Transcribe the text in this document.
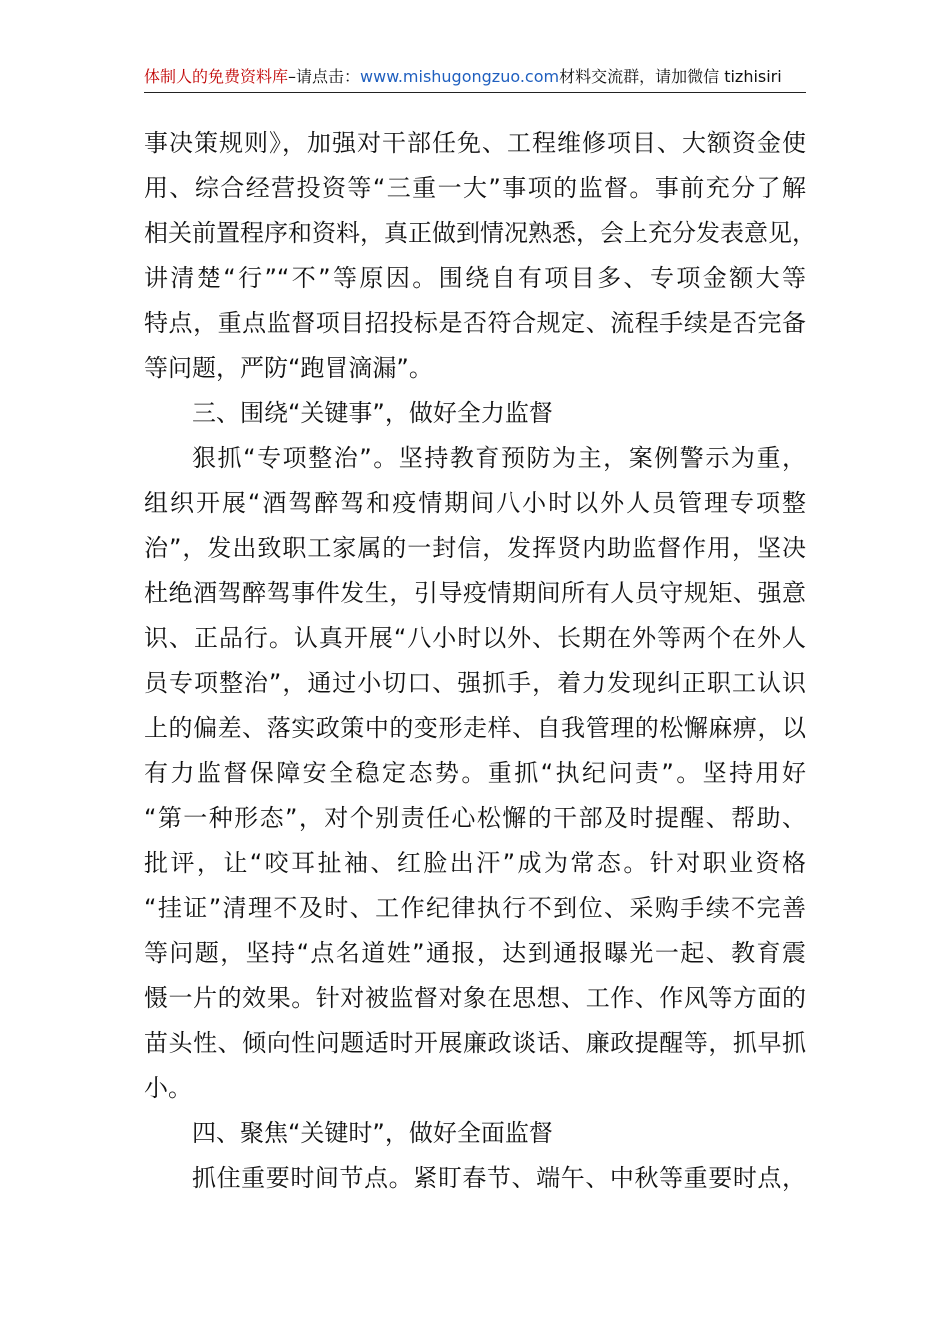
体制人的免费资料库–请点击：www.mishugongzuo.com材料交流群，请加微信 tizhisiri
事决策规则》，加强对干部任免、工程维修项目、大额资金使
用、综合经营投资等“三重一大”事项的监督。事前充分了解
相关前置程序和资料，真正做到情况熟悉，会上充分发表意见，
讲清楚“行”“不”等原因。围绕自有项目多、专项金额大等
特点，重点监督项目招投标是否符合规定、流程手续是否完备
等问题，严防“跑冒滴漏”。
三、围绕“关键事”，做好全力监督
狠抓“专项整治”。坚持教育预防为主，案例警示为重，
组织开展“酒驾醉驾和疫情期间八小时以外人员管理专项整
治”，发出致职工家属的一封信，发挥贤内助监督作用，坚决
杜绝酒驾醉驾事件发生，引导疫情期间所有人员守规矩、强意
识、正品行。认真开展“八小时以外、长期在外等两个在外人
员专项整治”，通过小切口、强抓手，着力发现纠正职工认识
上的偏差、落实政策中的变形走样、自我管理的松懈麻痹，以
有力监督保障安全稳定态势。重抓“执纪问责”。坚持用好
“第一种形态”，对个别责任心松懈的干部及时提醒、帮助、
批评，让“咬耳扯袖、红脸出汗”成为常态。针对职业资格
“挂证”清理不及时、工作纪律执行不到位、采购手续不完善
等问题，坚持“点名道姓”通报，达到通报曝光一起、教育震
慑一片的效果。针对被监督对象在思想、工作、作风等方面的
苗头性、倾向性问题适时开展廉政谈话、廉政提醒等，抓早抓
小。
四、聚焦“关键时”，做好全面监督
抓住重要时间节点。紧盯春节、端午、中秋等重要时点，
